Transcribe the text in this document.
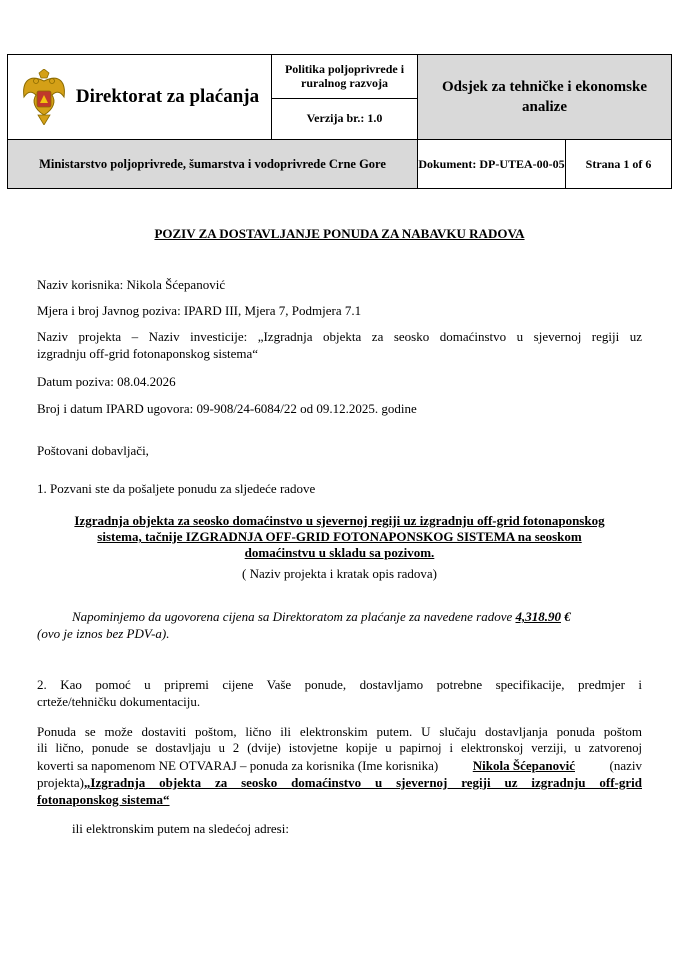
Direktorat za plaćanja	Politika poljoprivrede i ruralnog razvoja	Odsjek za tehničke i ekonomske analize	
	Verzija br.: 1.0		
Ministarstvo poljoprivrede, šumarstva i vodoprivrede Crne Gore		Dokument: DP-UTEA-00-05	Strana 1 of 6
POZIV ZA DOSTAVLJANJE PONUDA ZA NABAVKU RADOVA
Naziv korisnika: Nikola Šćepanović
Mjera i broj Javnog poziva: IPARD III, Mjera 7, Podmjera 7.1
Naziv projekta – Naziv investicije: „Izgradnja objekta za seosko domaćinstvo u sjevernoj regiji uz
izgradnju off-grid fotonaponskog sistema“
Datum poziva: 08.04.2026
Broj i datum IPARD ugovora: 09-908/24-6084/22 od 09.12.2025. godine
Poštovani dobavljači,
1. Pozvani ste da pošaljete ponudu za sljedeće radove
Izgradnja objekta za seosko domaćinstvo u sjevernoj regiji uz izgradnju off-grid fotonaponskog
sistema, tačnije IZGRADNJA OFF-GRID FOTONAPONSKOG SISTEMA na seoskom
domaćinstvu u skladu sa pozivom.
( Naziv projekta i kratak opis radova)
Napominjemo da ugovorena cijena sa Direktoratom za plaćanje za navedene radove 4,318.90 €
(ovo je iznos bez PDV-a).
2. Kao pomoć u pripremi cijene Vaše ponude, dostavljamo potrebne specifikacije, predmjer i
crteže/tehničku dokumentaciju.
Ponuda se može dostaviti poštom, lično ili elektronskim putem. U slučaju dostavljanja ponuda poštom
ili lično, ponude se dostavljaju u 2 (dvije) istovjetne kopije u papirnoj i elektronskoj verziji, u zatvorenoj
koverti sa napomenom NE OTVARAJ – ponuda za korisnika (Ime korisnika)	Nikola Šćepanović	(naziv
projekta) „Izgradnja objekta za seosko domaćinstvo u sjevernoj regiji uz izgradnju off-grid
fotonaponskog sistema“
ili elektronskim putem na sledećoj adresi:
